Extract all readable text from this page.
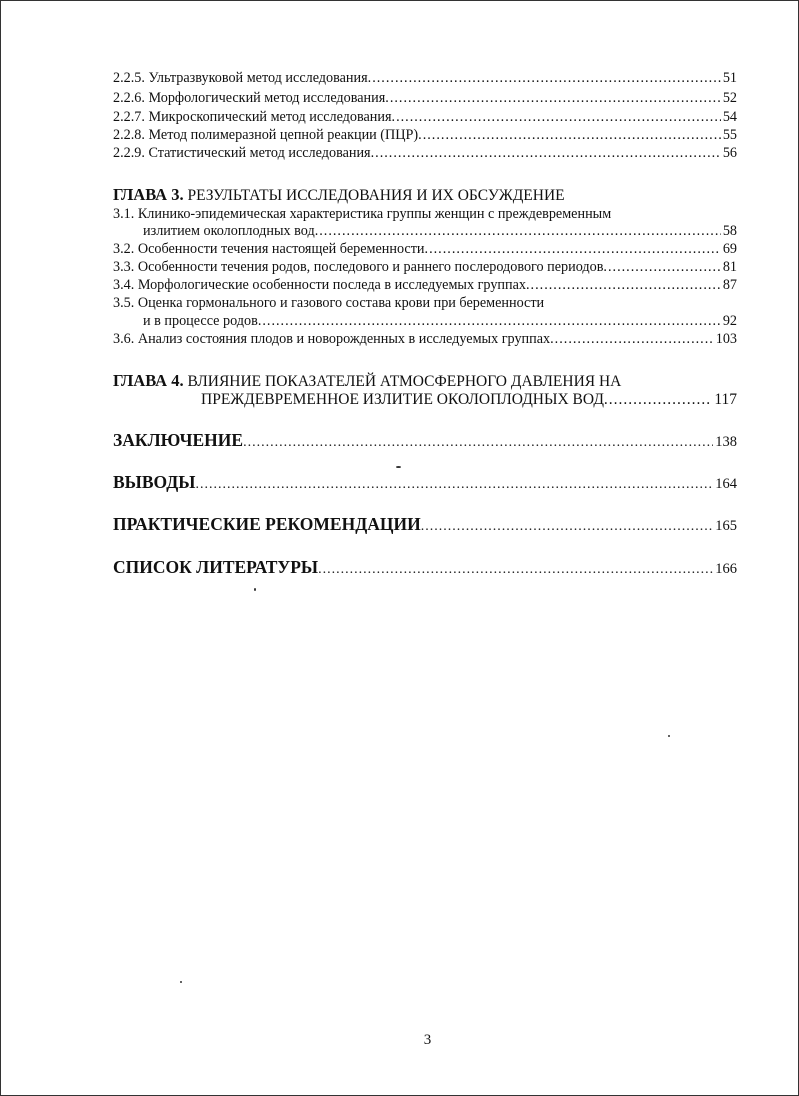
2.2.5. Ультразвуковой метод исследования .....	51
2.2.6. Морфологический метод исследования .....	52
2.2.7. Микроскопический метод исследования .....	54
2.2.8. Метод полимеразной цепной реакции (ПЦР) .....	55
2.2.9. Статистический метод исследования .....	56
ГЛАВА 3. РЕЗУЛЬТАТЫ ИССЛЕДОВАНИЯ И ИХ ОБСУЖДЕНИЕ
3.1. Клинико-эпидемическая характеристика группы женщин с преждевременным
излитием околоплодных вод .....	58
3.2. Особенности течения настоящей беременности .....	69
3.3. Особенности течения родов, последового и раннего послеродового периодов .....	81
3.4. Морфологические особенности последа в исследуемых группах .....	87
3.5. Оценка гормонального и газового состава крови при беременности
и в процессе родов .....	92
3.6. Анализ состояния плодов и новорожденных в исследуемых группах .....	103
ГЛАВА 4. ВЛИЯНИЕ ПОКАЗАТЕЛЕЙ АТМОСФЕРНОГО ДАВЛЕНИЯ НА
ПРЕЖДЕВРЕМЕННОЕ ИЗЛИТИЕ ОКОЛОПЛОДНЫХ ВОД .....	117
ЗАКЛЮЧЕНИЕ .....	138
ВЫВОДЫ .....	164
ПРАКТИЧЕСКИЕ РЕКОМЕНДАЦИИ .....	165
СПИСОК ЛИТЕРАТУРЫ .....	166
3
